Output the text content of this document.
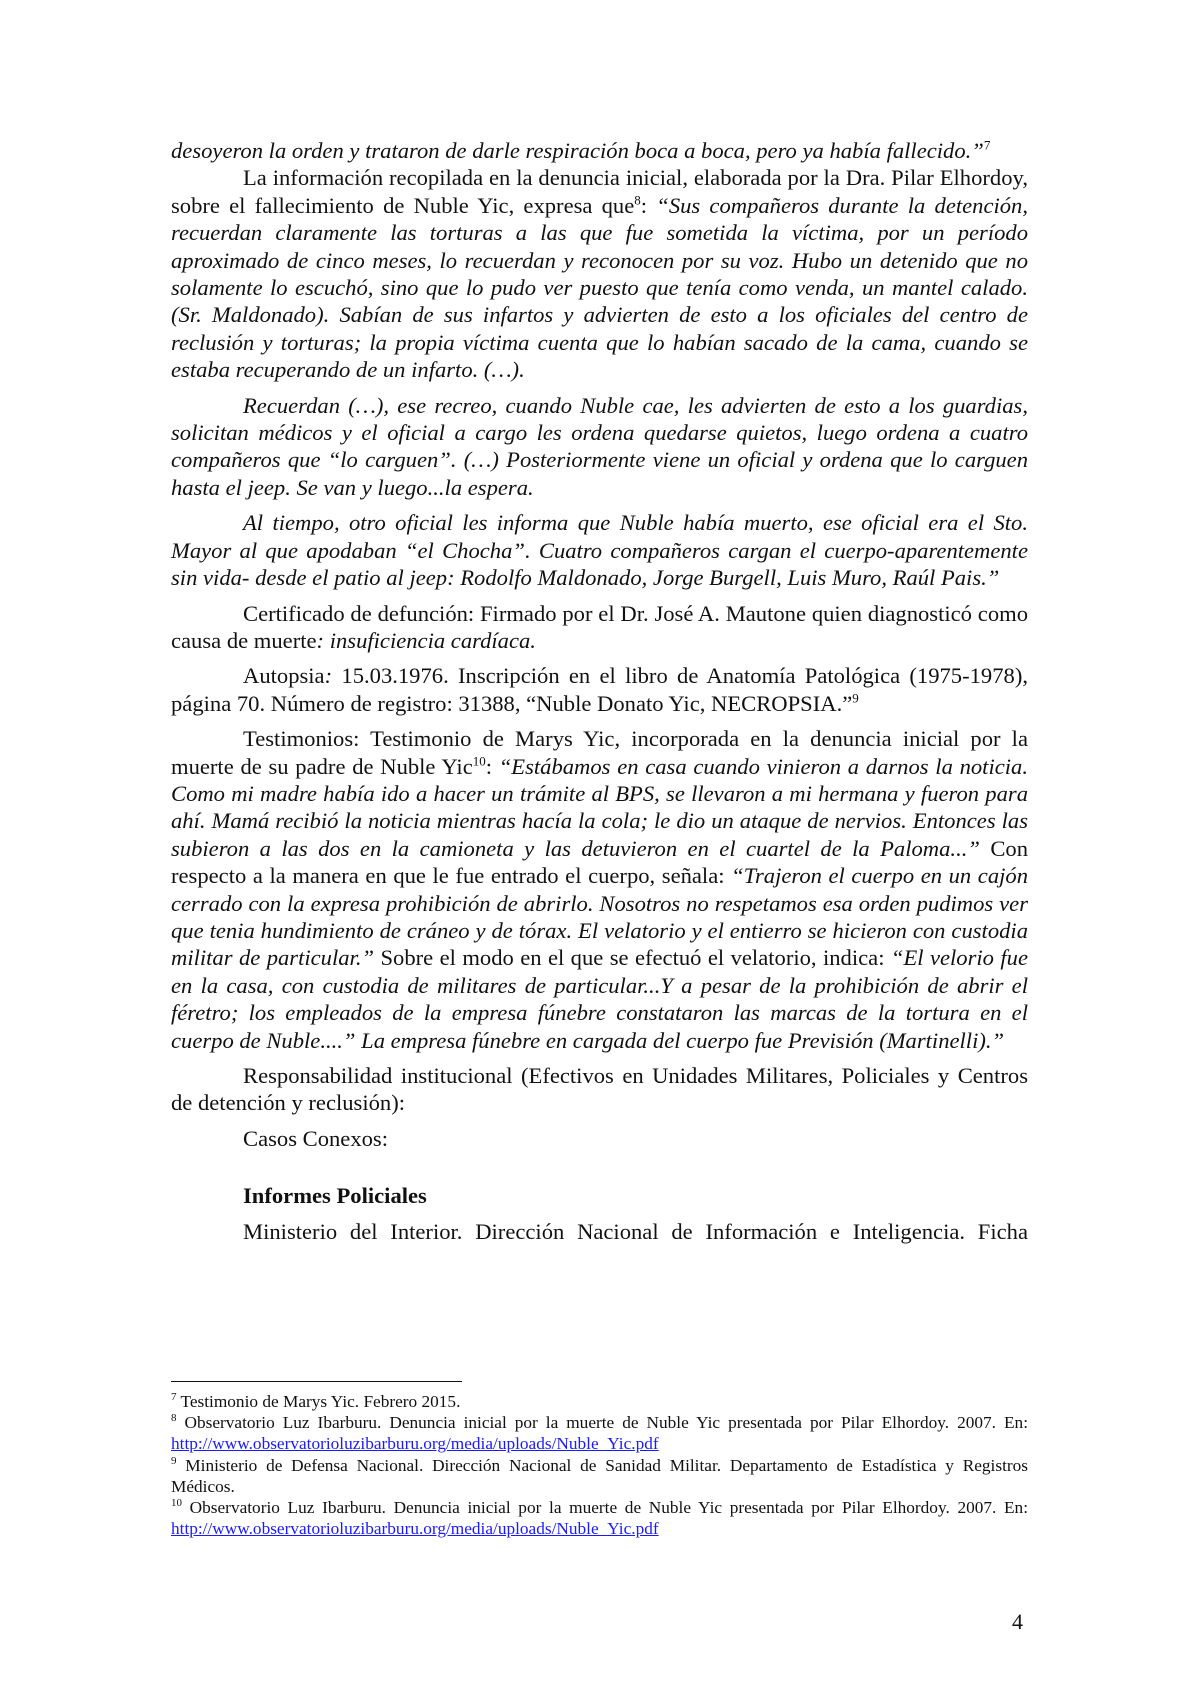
desoyeron la orden y trataron de darle respiración boca a boca, pero ya había fallecido.”$^7$

La información recopilada en la denuncia inicial, elaborada por la Dra. Pilar Elhordoy, sobre el fallecimiento de Nuble Yic, expresa que$^8$: “Sus compañeros durante la detención, recuerdan claramente las torturas a las que fue sometida la víctima, por un período aproximado de cinco meses, lo recuerdan y reconocen por su voz. Hubo un detenido que no solamente lo escuchó, sino que lo pudo ver puesto que tenía como venda, un mantel calado. (Sr. Maldonado). Sabían de sus infartos y advierten de esto a los oficiales del centro de reclusión y torturas; la propia víctima cuenta que lo habían sacado de la cama, cuando se estaba recuperando de un infarto. (…).

Recuerdan (…), ese recreo, cuando Nuble cae, les advierten de esto a los guardias, solicitan médicos y el oficial a cargo les ordena quedarse quietos, luego ordena a cuatro compañeros que “lo carguen”. (…) Posteriormente viene un oficial y ordena que lo carguen hasta el jeep. Se van y luego...la espera.

Al tiempo, otro oficial les informa que Nuble había muerto, ese oficial era el Sto. Mayor al que apodaban “el Chocha”. Cuatro compañeros cargan el cuerpo-aparentemente sin vida- desde el patio al jeep: Rodolfo Maldonado, Jorge Burgell, Luis Muro, Raúl Pais.”

Certificado de defunción: Firmado por el Dr. José A. Mautone quien diagnosticó como causa de muerte: insuficiencia cardíaca.

Autopsia: 15.03.1976. Inscripción en el libro de Anatomía Patológica (1975-1978), página 70. Número de registro: 31388, “Nuble Donato Yic, NECROPSIA.”$^9$

Testimonios: Testimonio de Marys Yic, incorporada en la denuncia inicial por la muerte de su padre de Nuble Yic$^{10}$: “Estábamos en casa cuando vinieron a darnos la noticia. Como mi madre había ido a hacer un trámite al BPS, se llevaron a mi hermana y fueron para ahí. Mamá recibió la noticia mientras hacía la cola; le dio un ataque de nervios. Entonces las subieron a las dos en la camioneta y las detuvieron en el cuartel de la Paloma...” Con respecto a la manera en que le fue entrado el cuerpo, señala: “Trajeron el cuerpo en un cajón cerrado con la expresa prohibición de abrirlo. Nosotros no respetamos esa orden pudimos ver que tenia hundimiento de cráneo y de tórax. El velatorio y el entierro se hicieron con custodia militar de particular.” Sobre el modo en el que se efectuó el velatorio, indica: “El velorio fue en la casa, con custodia de militares de particular...Y a pesar de la prohibición de abrir el féretro; los empleados de la empresa fúnebre constataron las marcas de la tortura en el cuerpo de Nuble....” La empresa fúnebre en cargada del cuerpo fue Previsión (Martinelli).”

Responsabilidad institucional (Efectivos en Unidades Militares, Policiales y Centros de detención y reclusión):

Casos Conexos:

Informes Policiales

Ministerio del Interior. Dirección Nacional de Información e Inteligencia. Ficha

$^7$ Testimonio de Marys Yic. Febrero 2015.

$^8$ Observatorio Luz Ibarburu. Denuncia inicial por la muerte de Nuble Yic presentada por Pilar Elhordoy. 2007. En: http://www.observatorioluzibarburu.org/media/uploads/Nuble_Yic.pdf

$^9$ Ministerio de Defensa Nacional. Dirección Nacional de Sanidad Militar. Departamento de Estadística y Registros Médicos.

$^{10}$ Observatorio Luz Ibarburu. Denuncia inicial por la muerte de Nuble Yic presentada por Pilar Elhordoy. 2007. En: http://www.observatorioluzibarburu.org/media/uploads/Nuble_Yic.pdf

4
